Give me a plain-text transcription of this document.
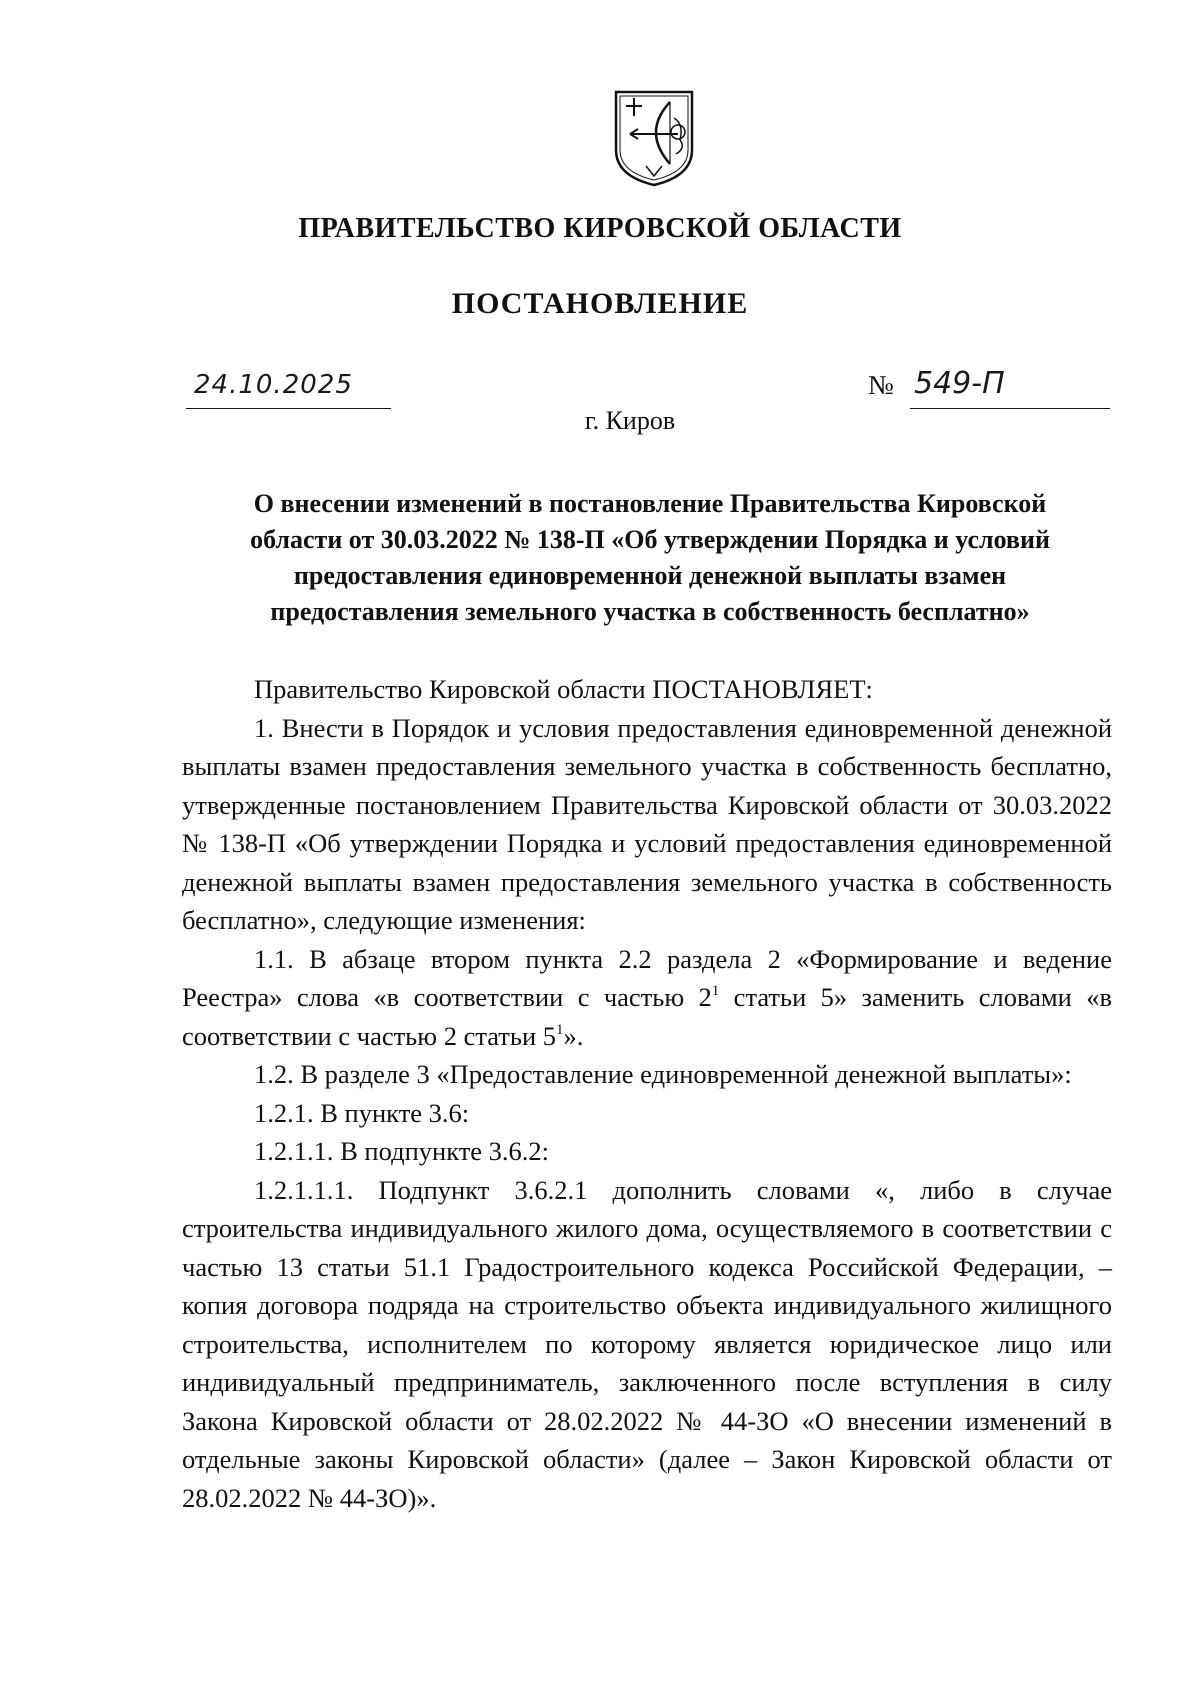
ПРАВИТЕЛЬСТВО КИРОВСКОЙ ОБЛАСТИ
ПОСТАНОВЛЕНИЕ
24.10.2025	№ 549-П
г. Киров
О внесении изменений в постановление Правительства Кировской
области от 30.03.2022 № 138-П «Об утверждении Порядка и условий
предоставления единовременной денежной выплаты взамен
предоставления земельного участка в собственность бесплатно»

Правительство Кировской области ПОСТАНОВЛЯЕТ:

1. Внести в Порядок и условия предоставления единовременной денежной выплаты взамен предоставления земельного участка в собственность бесплатно, утвержденные постановлением Правительства Кировской области от 30.03.2022 № 138-П «Об утверждении Порядка и условий предоставления единовременной денежной выплаты взамен предоставления земельного участка в собственность бесплатно», следующие изменения:

1.1. В абзаце втором пункта 2.2 раздела 2 «Формирование и ведение Реестра» слова «в соответствии с частью $2^1$ статьи 5» заменить словами «в соответствии с частью 2 статьи $5^1$».

1.2. В разделе 3 «Предоставление единовременной денежной выплаты»:

1.2.1. В пункте 3.6:

1.2.1.1. В подпункте 3.6.2:

1.2.1.1.1. Подпункт 3.6.2.1 дополнить словами «, либо в случае строительства индивидуального жилого дома, осуществляемого в соответствии с частью 13 статьи 51.1 Градостроительного кодекса Российской Федерации, – копия договора подряда на строительство объекта индивидуального жилищного строительства, исполнителем по которому является юридическое лицо или индивидуальный предприниматель, заключенного после вступления в силу Закона Кировской области от 28.02.2022 № 44-ЗО «О внесении изменений в отдельные законы Кировской области» (далее – Закон Кировской области от 28.02.2022 № 44-ЗО)».
